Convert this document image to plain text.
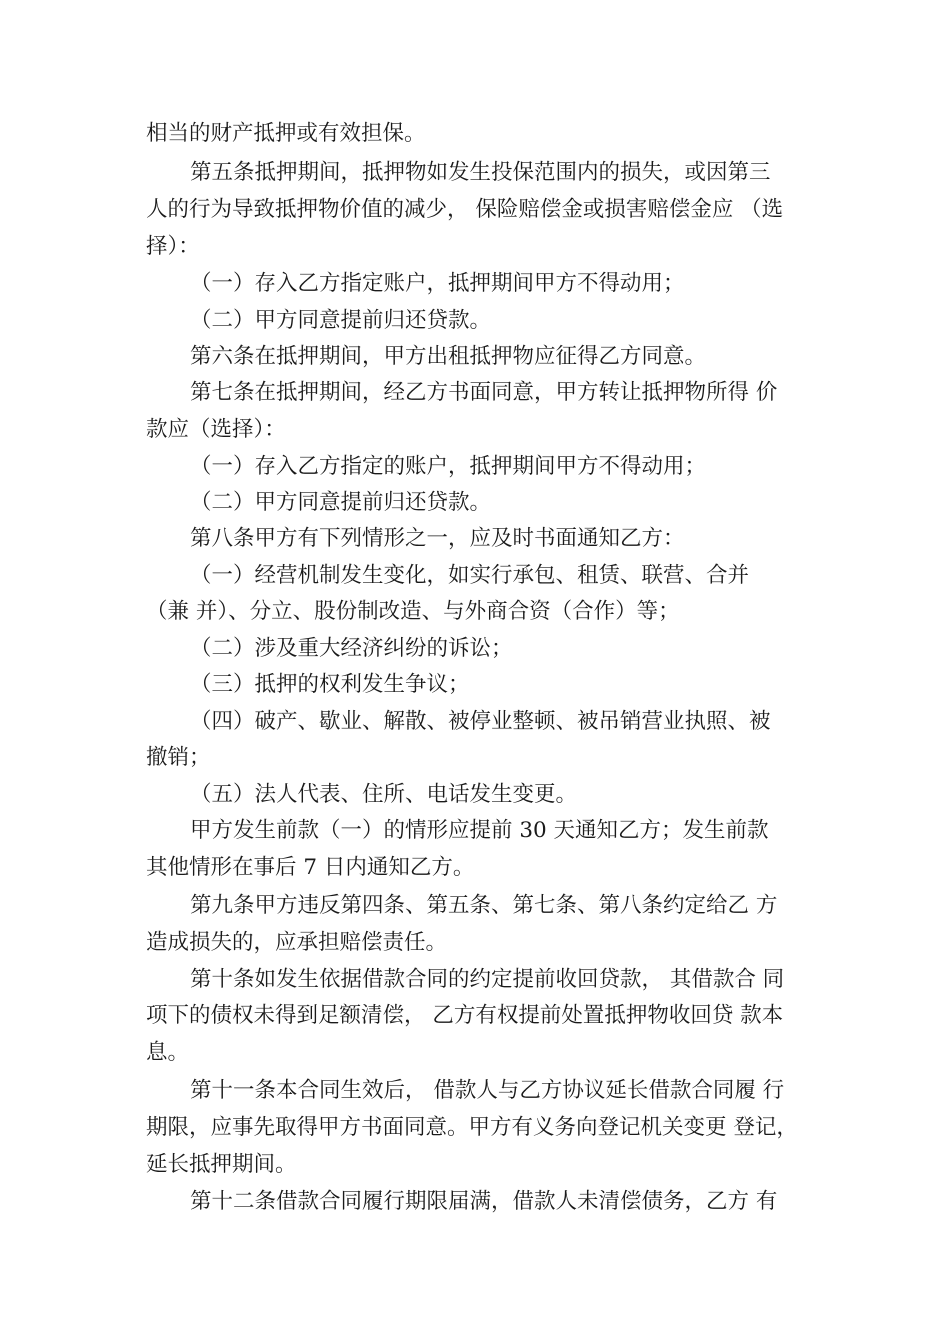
相当的财产抵押或有效担保。
第五条抵押期间，抵押物如发生投保范围内的损失，或因第三
人的行为导致抵押物价值的减少， 保险赔偿金或损害赔偿金应 （选
择）：
（一）存入乙方指定账户，抵押期间甲方不得动用；
（二）甲方同意提前归还贷款。
第六条在抵押期间，甲方出租抵押物应征得乙方同意。
第七条在抵押期间，经乙方书面同意，甲方转让抵押物所得 价
款应（选择）：
（一）存入乙方指定的账户，抵押期间甲方不得动用；
（二）甲方同意提前归还贷款。
第八条甲方有下列情形之一，应及时书面通知乙方：
（一）经营机制发生变化，如实行承包、租赁、联营、合并
（兼 并）、分立、股份制改造、与外商合资（合作）等；
（二）涉及重大经济纠纷的诉讼；
（三）抵押的权利发生争议；
（四）破产、歇业、解散、被停业整顿、被吊销营业执照、被
撤销；
（五）法人代表、住所、电话发生变更。
甲方发生前款（一）的情形应提前 30 天通知乙方；发生前款
其他情形在事后 7 日内通知乙方。
第九条甲方违反第四条、第五条、第七条、第八条约定给乙 方
造成损失的，应承担赔偿责任。
第十条如发生依据借款合同的约定提前收回贷款， 其借款合 同
项下的债权未得到足额清偿， 乙方有权提前处置抵押物收回贷 款本
息。
第十一条本合同生效后， 借款人与乙方协议延长借款合同履 行
期限，应事先取得甲方书面同意。甲方有义务向登记机关变更 登记，
延长抵押期间。
第十二条借款合同履行期限届满，借款人未清偿债务，乙方 有
